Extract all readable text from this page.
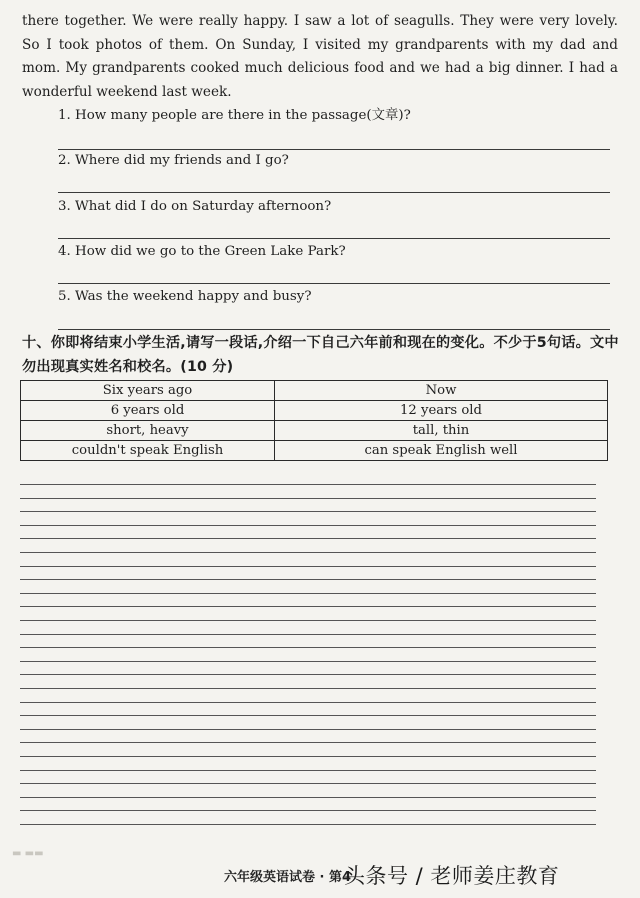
there together. We were really happy. I saw a lot of seagulls. They were very lovely. So I took photos of them. On Sunday, I visited my grandparents with my dad and mom. My grandparents cooked much delicious food and we had a big dinner. I had a wonderful weekend last week.

1. How many people are there in the passage(文章)?
2. Where did my friends and I go?
3. What did I do on Saturday afternoon?
4. How did we go to the Green Lake Park?
5. Was the weekend happy and busy?
十、你即将结束小学生活,请写一段话,介绍一下自己六年前和现在的变化。不少于5句话。文中勿出现真实姓名和校名。(10 分)
Six years ago	Now
6 years old	12 years old
short, heavy	tall, thin
couldn't speak English	can speak English well
▬ ▬▬
六年级英语试卷 · 第4
头条号 / 老师姜庄教育
